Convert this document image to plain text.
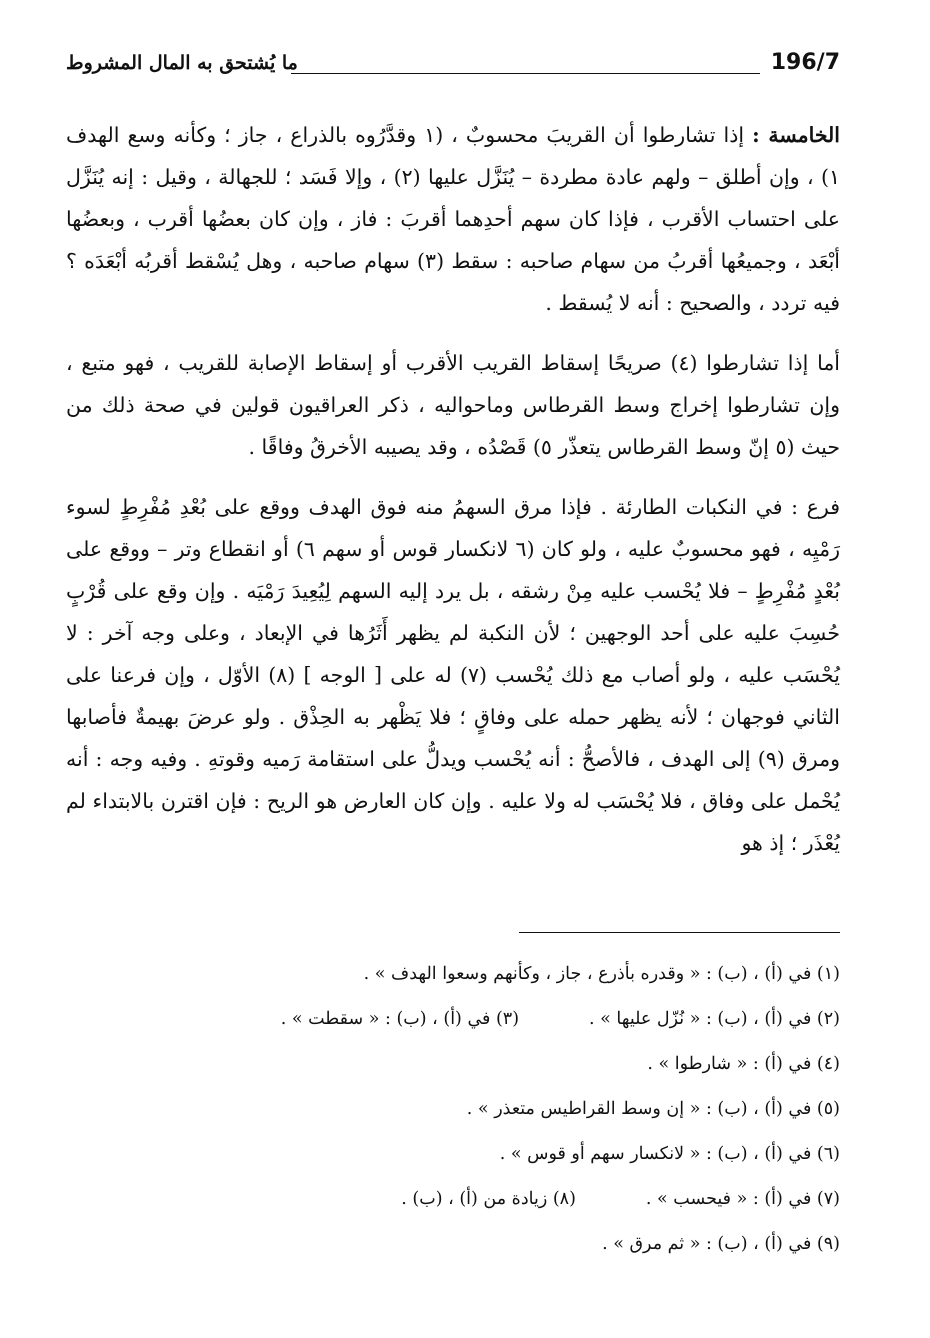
196/7
ما يُشتحق به المال المشروط

الخامسة : إذا تشارطوا أن القريبَ محسوبٌ ، (١ وقدَّرُوه بالذراع ، جاز ؛ وكأنه وسع الهدف ١) ، وإن أطلق – ولهم عادة مطردة – يُنَزَّل عليها (٢) ، وإلا فَسَد ؛ للجهالة ، وقيل : إنه يُنَزَّل على احتساب الأقرب ، فإذا كان سهم أحدِهما أقربَ : فاز ، وإن كان بعضُها أقرب ، وبعضُها أبْعَد ، وجميعُها أقربُ من سهام صاحبه : سقط (٣) سهام صاحبه ، وهل يُسْقط أقربُه أبْعَدَه ؟ فيه تردد ، والصحيح : أنه لا يُسقط .

أما إذا تشارطوا (٤) صريحًا إسقاط القريب الأقرب أو إسقاط الإصابة للقريب ، فهو متبع ، وإن تشارطوا إخراج وسط القرطاس وماحواليه ، ذكر العراقيون قولين في صحة ذلك من حيث (٥ إنّ وسط القرطاس يتعذّر ٥) قَصْدُه ، وقد يصيبه الأخرقُ وفاقًا .

فرع : في النكبات الطارئة . فإذا مرق السهمُ منه فوق الهدف ووقع على بُعْدِ مُفْرِطٍ لسوء رَمْيِه ، فهو محسوبٌ عليه ، ولو كان (٦ لانكسار قوس أو سهم ٦) أو انقطاع وتر – ووقع على بُعْدٍ مُفْرِطٍ – فلا يُحْسب عليه مِنْ رشقه ، بل يرد إليه السهم لِيُعِيدَ رَمْيَه . وإن وقع على قُرْبٍ حُسِبَ عليه على أحد الوجهين ؛ لأن النكبة لم يظهر أَثَرُها في الإبعاد ، وعلى وجه آخر : لا يُحْسَب عليه ، ولو أصاب مع ذلك يُحْسب (٧) له على [ الوجه ] (٨) الأوّل ، وإن فرعنا على الثاني فوجهان ؛ لأنه يظهر حمله على وفاقٍ ؛ فلا يَظْهر به الحِذْق . ولو عرضَ بهيمةٌ فأصابها ومرق (٩) إلى الهدف ، فالأصحُّ : أنه يُحْسب ويدلُّ على استقامة رَميه وقوتهِ . وفيه وجه : أنه يُحْمل على وفاق ، فلا يُحْسَب له ولا عليه . وإن كان العارض هو الريح : فإن اقترن بالابتداء لم يُعْذَر ؛ إذ هو

(١) في (أ) ، (ب) : « وقدره بأذرع ، جاز ، وكأنهم وسعوا الهدف » .
(٢) في (أ) ، (ب) : « نُزّل عليها » .
(٣) في (أ) ، (ب) : « سقطت » .
(٤) في (أ) : « شارطوا » .
(٥) في (أ) ، (ب) : « إن وسط القراطيس متعذر » .
(٦) في (أ) ، (ب) : « لانكسار سهم أو قوس » .
(٧) في (أ) : « فيحسب » .
(٨) زيادة من (أ) ، (ب) .
(٩) في (أ) ، (ب) : « ثم مرق » .
